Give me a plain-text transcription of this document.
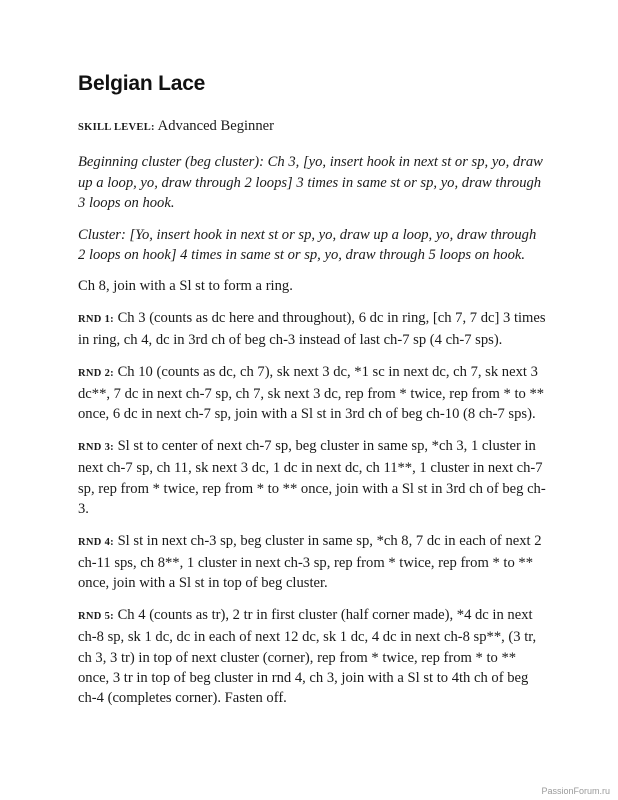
Belgian Lace

SKILL LEVEL: Advanced Beginner

Beginning cluster (beg cluster): Ch 3, [yo, insert hook in next st or sp, yo, draw up a loop, yo, draw through 2 loops] 3 times in same st or sp, yo, draw through 3 loops on hook.

Cluster: [Yo, insert hook in next st or sp, yo, draw up a loop, yo, draw through 2 loops on hook] 4 times in same st or sp, yo, draw through 5 loops on hook.

Ch 8, join with a Sl st to form a ring.

RND 1: Ch 3 (counts as dc here and throughout), 6 dc in ring, [ch 7, 7 dc] 3 times in ring, ch 4, dc in 3rd ch of beg ch-3 instead of last ch-7 sp (4 ch-7 sps).

RND 2: Ch 10 (counts as dc, ch 7), sk next 3 dc, *1 sc in next dc, ch 7, sk next 3 dc**, 7 dc in next ch-7 sp, ch 7, sk next 3 dc, rep from * twice, rep from * to ** once, 6 dc in next ch-7 sp, join with a Sl st in 3rd ch of beg ch-10 (8 ch-7 sps).

RND 3: Sl st to center of next ch-7 sp, beg cluster in same sp, *ch 3, 1 cluster in next ch-7 sp, ch 11, sk next 3 dc, 1 dc in next dc, ch 11**, 1 cluster in next ch-7 sp, rep from * twice, rep from * to ** once, join with a Sl st in 3rd ch of beg ch-3.

RND 4: Sl st in next ch-3 sp, beg cluster in same sp, *ch 8, 7 dc in each of next 2 ch-11 sps, ch 8**, 1 cluster in next ch-3 sp, rep from * twice, rep from * to ** once, join with a Sl st in top of beg cluster.

RND 5: Ch 4 (counts as tr), 2 tr in first cluster (half corner made), *4 dc in next ch-8 sp, sk 1 dc, dc in each of next 12 dc, sk 1 dc, 4 dc in next ch-8 sp**, (3 tr, ch 3, 3 tr) in top of next cluster (corner), rep from * twice, rep from * to ** once, 3 tr in top of beg cluster in rnd 4, ch 3, join with a Sl st to 4th ch of beg ch-4 (completes corner). Fasten off.

PassionForum.ru
